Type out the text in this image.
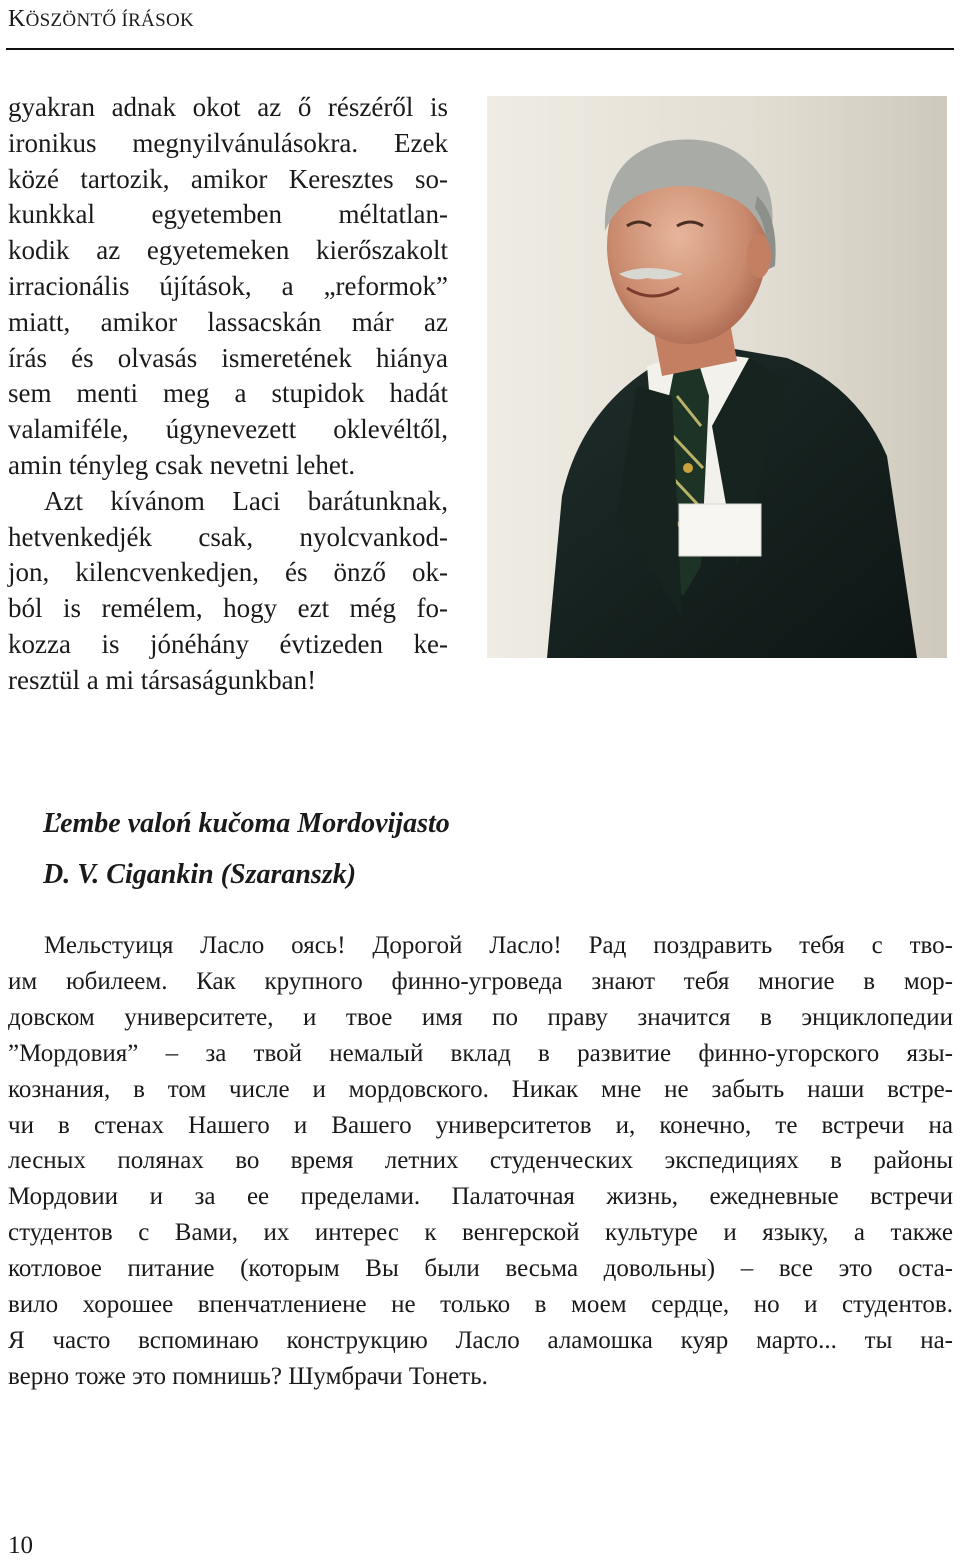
KÖSZÖNTŐ ÍRÁSOK
gyakran adnak okot az ő részéről is
ironikus megnyilvánulásokra. Ezek
közé tartozik, amikor Keresztes so-
kunkkal egyetemben méltatlan-
kodik az egyetemeken kierőszakolt
irracionális újítások, a „reformok”
miatt, amikor lassacskán már az
írás és olvasás ismeretének hiánya
sem menti meg a stupidok hadát
valamiféle, úgynevezett oklevéltől,
amin tényleg csak nevetni lehet.
Azt kívánom Laci barátunknak,
hetvenkedjék csak, nyolcvankod-
jon, kilencvenkedjen, és önző ok-
ból is remélem, hogy ezt még fo-
kozza is jónéhány évtizeden ke-
resztül a mi társaságunkban!
Ľembe valoń kučoma Mordovijasto
D. V. Cigankin (Szaranszk)
Мельстуиця Ласло оясь! Дорогой Ласло! Рад поздравить тебя с тво-
им юбилеем. Как крупного финно-угроведа знают тебя многие в мор-
довском университете, и твое имя по праву значится в энциклопедии
”Мордовия” – за твой немалый вклад в развитие финно-угорского язы-
кознания, в том числе и мордовского. Никак мне не забыть наши встре-
чи в стенах Нашего и Вашего университетов и, конечно, те встречи на
лесных полянах во время летних студенческих экспедициях в районы
Мордовии и за ее пределами. Палаточная жизнь, ежедневные встречи
студентов с Вами, их интерес к венгерской культуре и языку, а также
котловое питание (которым Вы были весьма довольны) – все это оста-
вило хорошее впенчатлениене не только в моем сердце, но и студентов.
Я часто вспоминаю конструкцию Ласло аламошка куяр марто... ты на-
верно тоже это помнишь? Шумбрачи Тонеть.
10
